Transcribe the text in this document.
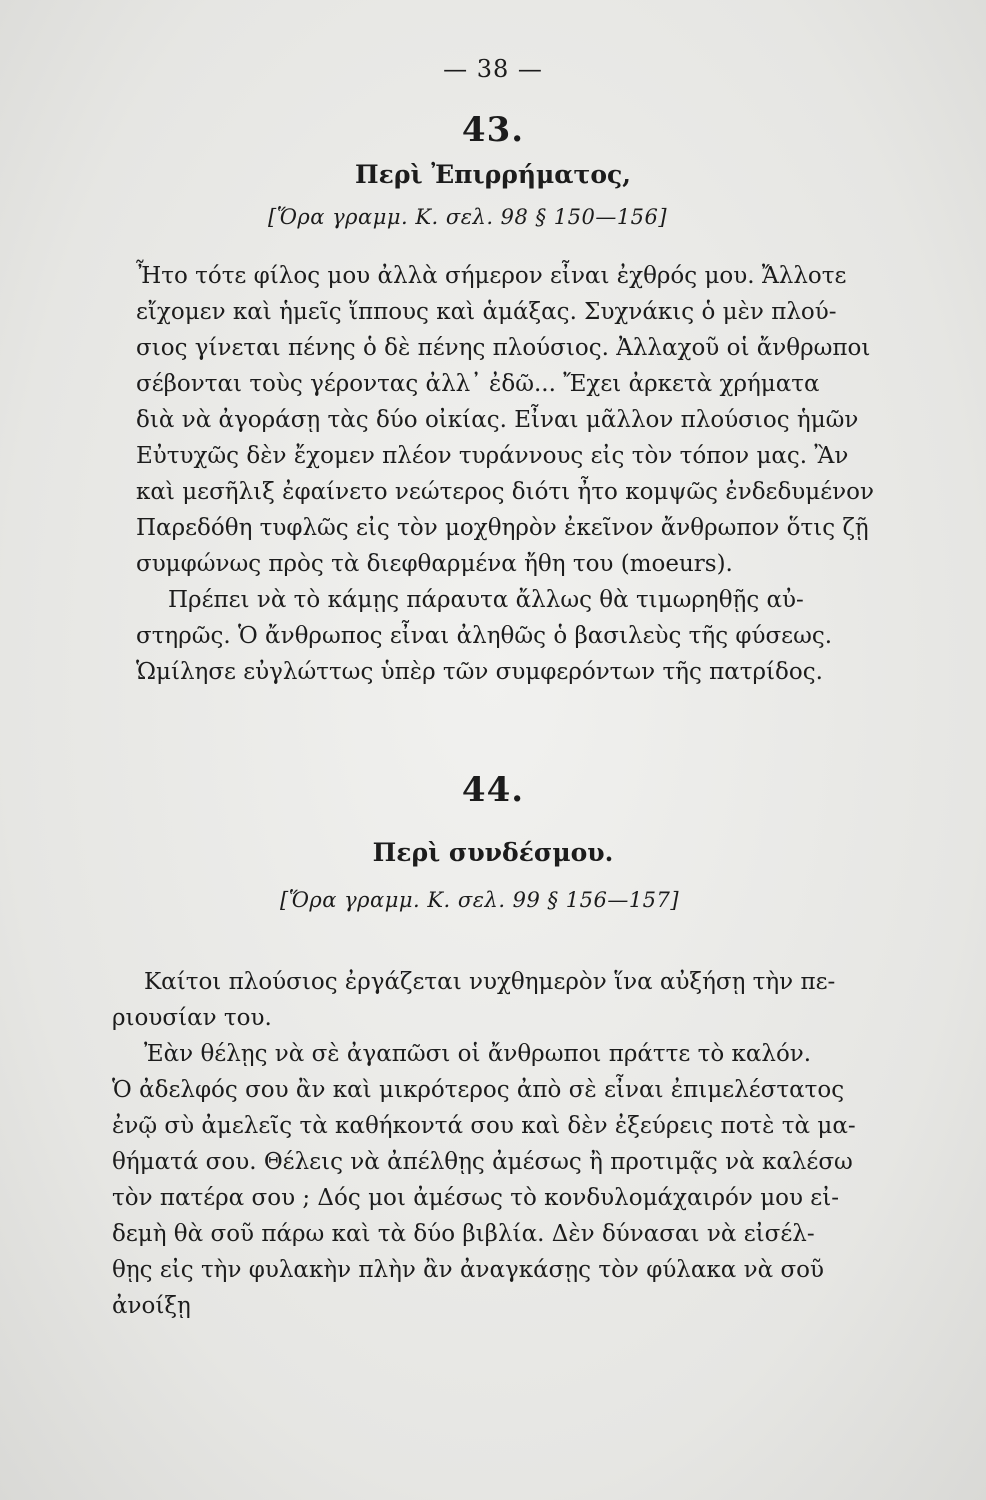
— 38 —
43.
Περὶ Ἐπιρρήματος,
[Ὅρα γραμμ. Κ. σελ. 98 § 150—156]
Ἦτο τότε φίλος μου ἀλλὰ σήμερον εἶναι ἐχθρός μου. Ἄλλοτε
εἴχομεν καὶ ἡμεῖς ἵππους καὶ ἁμάξας. Συχνάκις ὁ μὲν πλού-
σιος γίνεται πένης ὁ δὲ πένης πλούσιος. Ἀλλαχοῦ οἱ ἄνθρωποι
σέβονται τοὺς γέροντας ἀλλ᾿ ἐδῶ... Ἔχει ἀρκετὰ χρήματα
διὰ νὰ ἀγοράσῃ τὰς δύο οἰκίας. Εἶναι μᾶλλον πλούσιος ἡμῶν
Εὐτυχῶς δὲν ἔχομεν πλέον τυράννους εἰς τὸν τόπον μας. Ἂν
καὶ μεσῆλιξ ἐφαίνετο νεώτερος διότι ἦτο κομψῶς ἐνδεδυμένον
Παρεδόθη τυφλῶς εἰς τὸν μοχθηρὸν ἐκεῖνον ἄνθρωπον ὅτις ζῇ
συμφώνως πρὸς τὰ διεφθαρμένα ἤθη του (moeurs).
Πρέπει νὰ τὸ κάμῃς πάραυτα ἄλλως θὰ τιμωρηθῇς αὐ-
στηρῶς. Ὁ ἄνθρωπος εἶναι ἀληθῶς ὁ βασιλεὺς τῆς φύσεως.
Ὡμίλησε εὐγλώττως ὑπὲρ τῶν συμφερόντων τῆς πατρίδος.
44.
Περὶ συνδέσμου.
[Ὅρα γραμμ. Κ. σελ. 99 § 156—157]
Καίτοι πλούσιος ἐργάζεται νυχθημερὸν ἵνα αὐξήσῃ τὴν πε-
ριουσίαν του.
Ἐὰν θέλῃς νὰ σὲ ἀγαπῶσι οἱ ἄνθρωποι πράττε τὸ καλόν.
Ὁ ἀδελφός σου ἂν καὶ μικρότερος ἀπὸ σὲ εἶναι ἐπιμελέστατος
ἐνῷ σὺ ἀμελεῖς τὰ καθήκοντά σου καὶ δὲν ἐξεύρεις ποτὲ τὰ μα-
θήματά σου. Θέλεις νὰ ἀπέλθῃς ἀμέσως ἢ προτιμᾷς νὰ καλέσω
τὸν πατέρα σου ; Δός μοι ἀμέσως τὸ κονδυλομάχαιρόν μου εἰ-
δεμὴ θὰ σοῦ πάρω καὶ τὰ δύο βιβλία. Δὲν δύνασαι νὰ εἰσέλ-
θῃς εἰς τὴν φυλακὴν πλὴν ἂν ἀναγκάσῃς τὸν φύλακα νὰ σοῦ
ἀνοίξῃ
